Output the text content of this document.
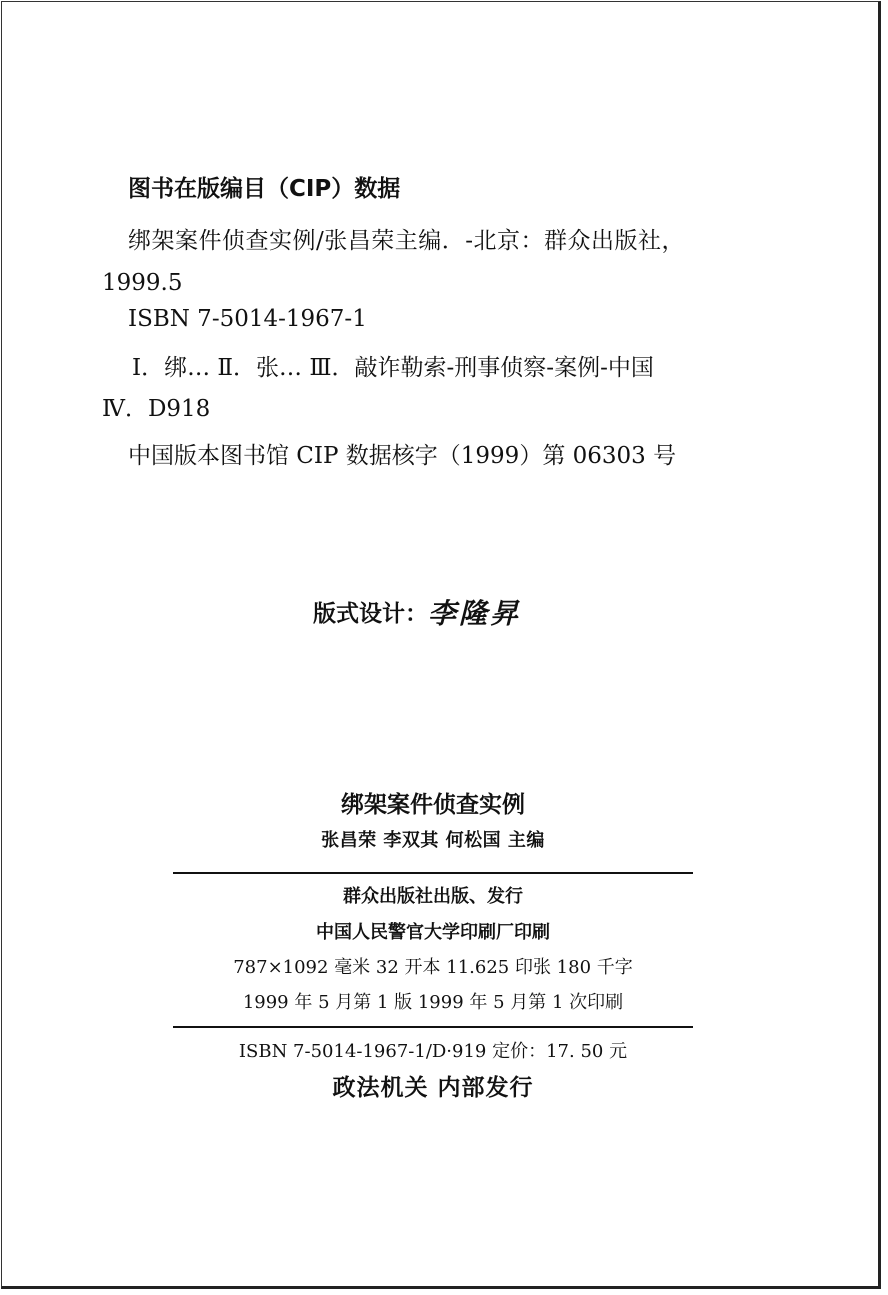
图书在版编目（CIP）数据
绑架案件侦查实例/张昌荣主编．-北京：群众出版社，
1999.5
ISBN 7-5014-1967-1
Ⅰ．绑… Ⅱ．张… Ⅲ．敲诈勒索-刑事侦察-案例-中国
Ⅳ．D918
中国版本图书馆 CIP 数据核字（1999）第 06303 号
版式设计：李隆昇
绑架案件侦查实例
张昌荣 李双其 何松国 主编
群众出版社出版、发行
中国人民警官大学印刷厂印刷
787×1092 毫米 32 开本 11.625 印张 180 千字
1999 年 5 月第 1 版 1999 年 5 月第 1 次印刷
ISBN 7-5014-1967-1/D·919 定价：17. 50 元
政法机关 内部发行
